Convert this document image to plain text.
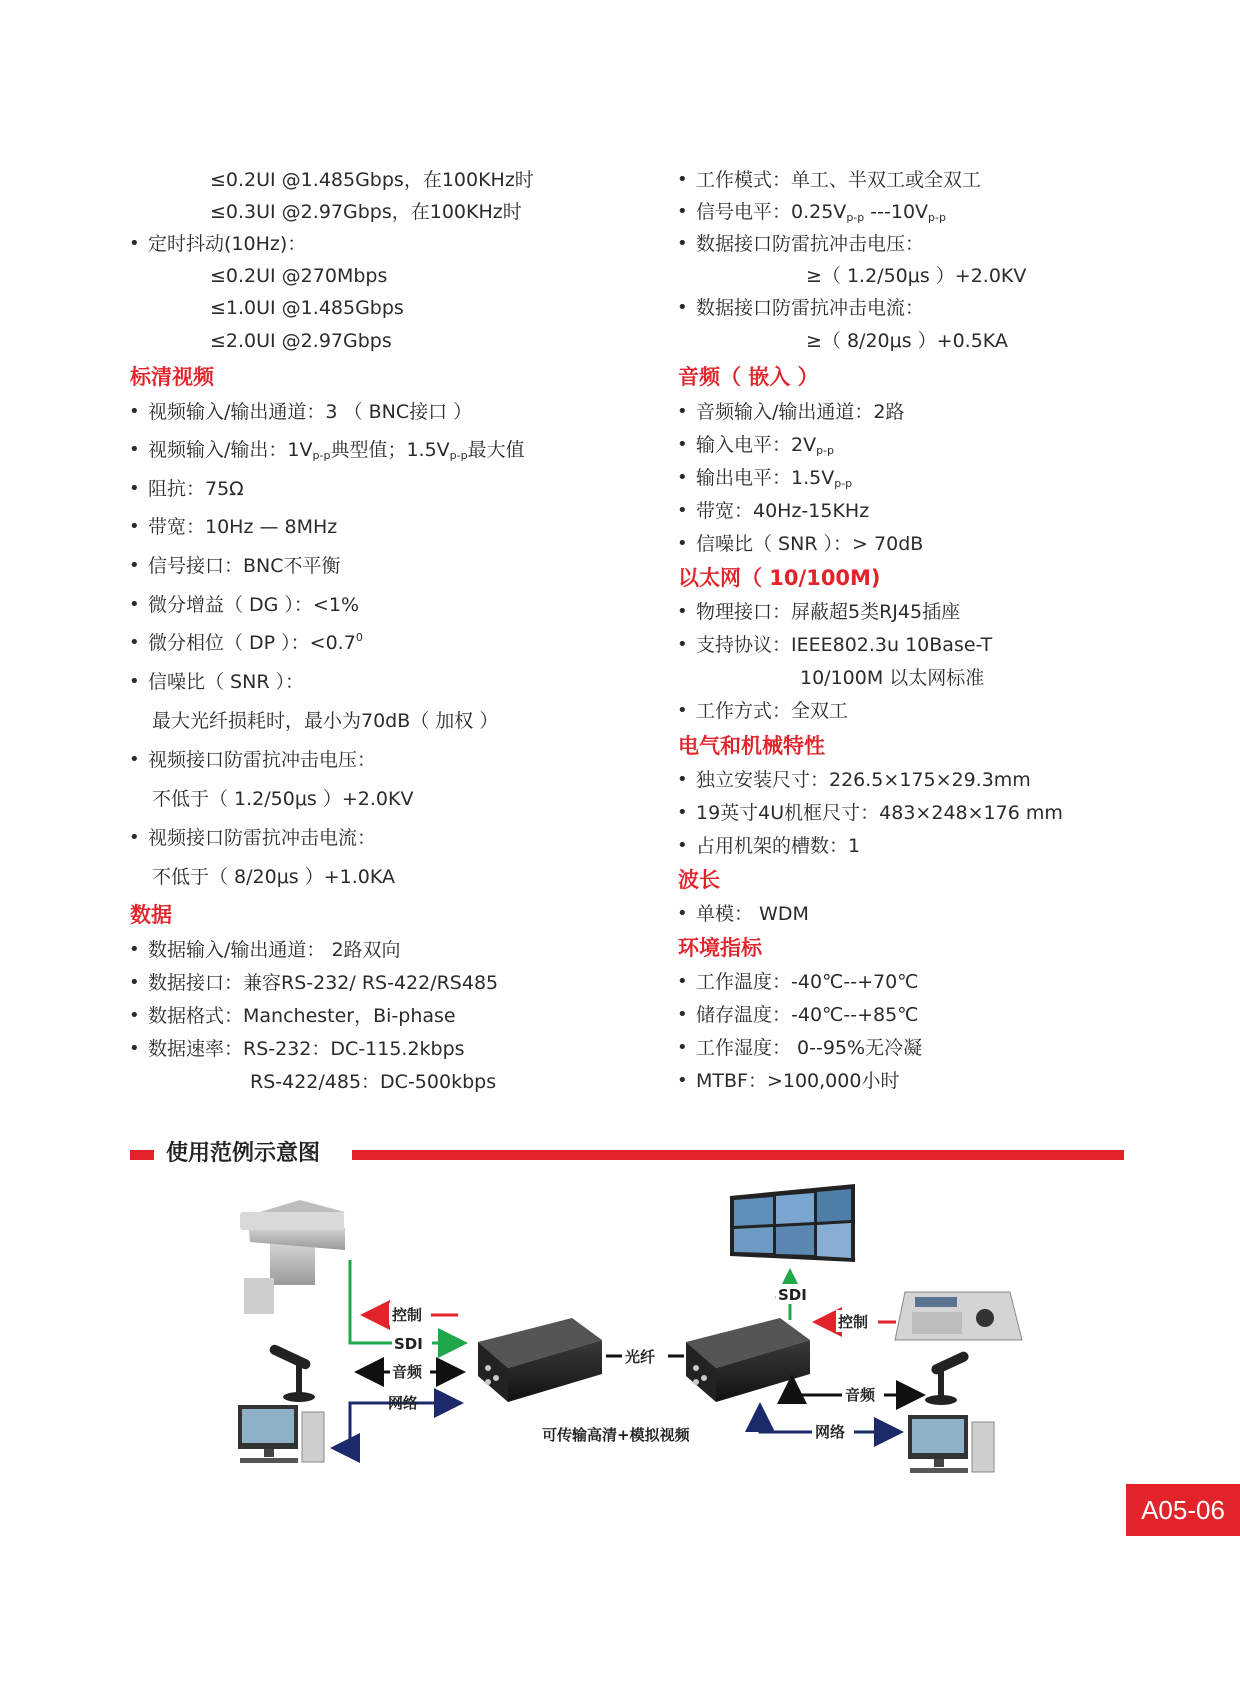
≤0.2UI @1.485Gbps，在100KHz时
≤0.3UI @2.97Gbps，在100KHz时
• 定时抖动(10Hz)：
≤0.2UI @270Mbps
≤1.0UI @1.485Gbps
≤2.0UI @2.97Gbps
标清视频
• 视频输入/输出通道：3 （ BNC接口 ）
• 视频输入/输出：$1V_{p-p}$典型值；$1.5V_{p-p}$最大值
• 阻抗：75Ω
• 带宽：10Hz — 8MHz
• 信号接口：BNC不平衡
• 微分增益（ DG ）：<1%
• 微分相位（ DP ）：$<0.7^0$
• 信噪比（ SNR ）：
最大光纤损耗时，最小为70dB（ 加权 ）
• 视频接口防雷抗冲击电压：
不低于（ 1.2/50μs ）+2.0KV
• 视频接口防雷抗冲击电流：
不低于（ 8/20μs ）+1.0KA
数据
• 数据输入/输出通道： 2路双向
• 数据接口：兼容RS-232/ RS-422/RS485
• 数据格式：Manchester，Bi-phase
• 数据速率：RS-232：DC-115.2kbps
RS-422/485：DC-500kbps
• 工作模式：单工、半双工或全双工
• 信号电平：$0.25V_{p-p}$ $---10V_{p-p}$
• 数据接口防雷抗冲击电压：
≥（ 1.2/50μs ）+2.0KV
• 数据接口防雷抗冲击电流：
≥（ 8/20μs ）+0.5KA
音频（ 嵌入 ）
• 音频输入/输出通道：2路
• 输入电平：$2V_{p-p}$
• 输出电平：$1.5V_{p-p}$
• 带宽：40Hz-15KHz
• 信噪比（ SNR ）：> 70dB
以太网（ 10/100M)
• 物理接口：屏蔽超5类RJ45插座
• 支持协议：IEEE802.3u 10Base-T
10/100M 以太网标准
• 工作方式：全双工
电气和机械特性
• 独立安装尺寸：226.5×175×29.3mm
• 19英寸4U机框尺寸：483×248×176 mm
• 占用机架的槽数：1
波长
• 单模： WDM
环境指标
• 工作温度：-40℃--+70℃
• 储存温度：-40℃--+85℃
• 工作湿度： 0--95%无冷凝
• MTBF：>100,000小时
使用范例示意图
控制
SDI
音频
网络
光纤
可传输高清+模拟视频
SDI
控制
音频
网络
A05-06
